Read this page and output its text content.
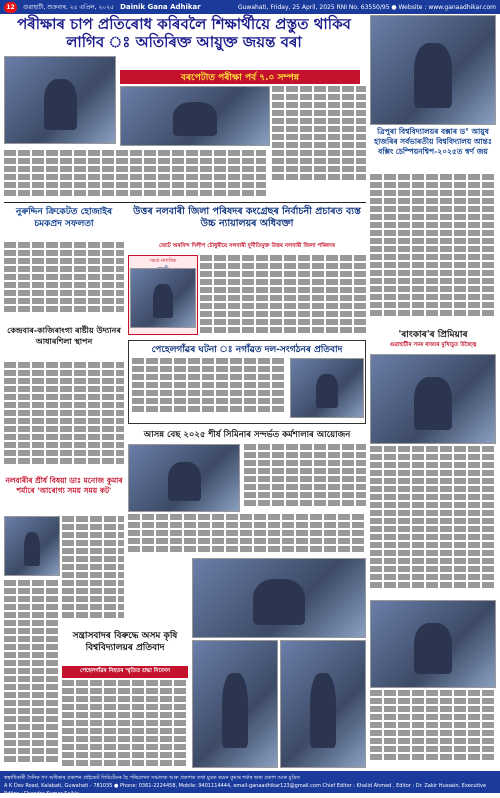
12	গুৱাহাটী, শুক্ৰবাৰ, ২৫ এপ্ৰিল, ২০২৫ Dainik Gana Adhikar	Guwahati, Friday, 25 April, 2025 RNI No. 63550/95 ● Website : www.ganaadhikar.com
পৰীক্ষাৰ চাপ প্ৰতিৰোধ কৰিবলৈ শিক্ষাৰ্থীয়ে প্ৰস্তুত থাকিব লাগিব ঃ অতিৰিক্ত আয়ুক্ত জয়ন্ত বৰা
বৰপেটাত পৰীক্ষা পৰ্ব ৭.০ সম্পন্ন
ত্ৰিপুৰা বিশ্ববিদ্যালয়ৰ বক্সাৰ ড° আয়ুষ হাজৰিৰ সৰ্বভাৰতীয় বিশ্ববিদ্যালয় আন্তঃ বক্সিং চেম্পিয়নশ্বিপ-২০২৫ত স্বৰ্ণ জয়
নুৰুদ্দিন ক্ৰিকেটত হোজাইৰ চমকপ্ৰদ সফলতা
উত্তৰ নলবাৰী জিলা পৰিষদৰ কংগ্ৰেছৰ নিৰ্বাচনী প্ৰচাৰত ব্যস্ত উচ্চ ন্যায়ালয়ৰ অধিবক্তা
জোট অৰবিন্দ দিলীপ চৌধুৰীয়ে নলবাৰী দুৰ্নীতিমুক্ত উত্তৰ নলবাৰী জিলা পৰিষদৰ
সমগ্ৰ নাগৰিক
কেন্দ্ৰবাৰ-কাজিৰাংগা ৰাষ্টীয় উদ্যানৰ আধাৰশিলা স্থাপন
'ৰাংকাৰ'ৰ প্ৰিমিয়াৰ
গুৱাহাটীৰ সমৰ ৰাজ্যৰ মুখ্যিচুত উজ্জ্বৈ
পেহেলগাঁৱৰ ঘটনা ঃ নগাঁৱত দল-সংগঠনৰ প্ৰতিবাদ
নলবাৰীৰ শ্ৰীৰ্ষ বিষয়া ডাঃ মনোজ কুমাৰ শৰ্মাৰে 'আৰোগ্য সময় সময় কট'
আসন্ন বেছ ২০২৫ শীৰ্ষ সিমিনাৰ সন্দৰ্ভত কৰ্মশালাৰ আয়োজন
সন্ত্ৰাসবাদৰ বিৰুদ্ধে অসম কৃষি বিশ্ববিদ্যালয়ৰ প্ৰতিবাদ
পেহেলগাঁৱৰ নিহতৰ স্মৃতিত শ্ৰদ্ধা নিবেদন
স্বত্বাধিকাৰী দৈনিক গণ অধিকাৰ প্ৰকাশন প্ৰাইভেট লিমিটেডৰ হৈ পৰিচালনা সঞ্চালক আৰু প্ৰকাশক তথা মুদ্ৰক ৰমেন কুমাৰ শৰ্মাৰ দ্বাৰা প্ৰকাশ আৰু মুদ্ৰিত
A K Dev Road, Kalabati, Guwahati - 781035 ● Phone: 0361-2224458, Mobile: 9401114444, email-ganaadhikar123@gmail.com Chief Editor : Khalid Ahmed , Editor : Dr. Zakir Hussain, Executive Editor : Chandra Kumar Saikia
